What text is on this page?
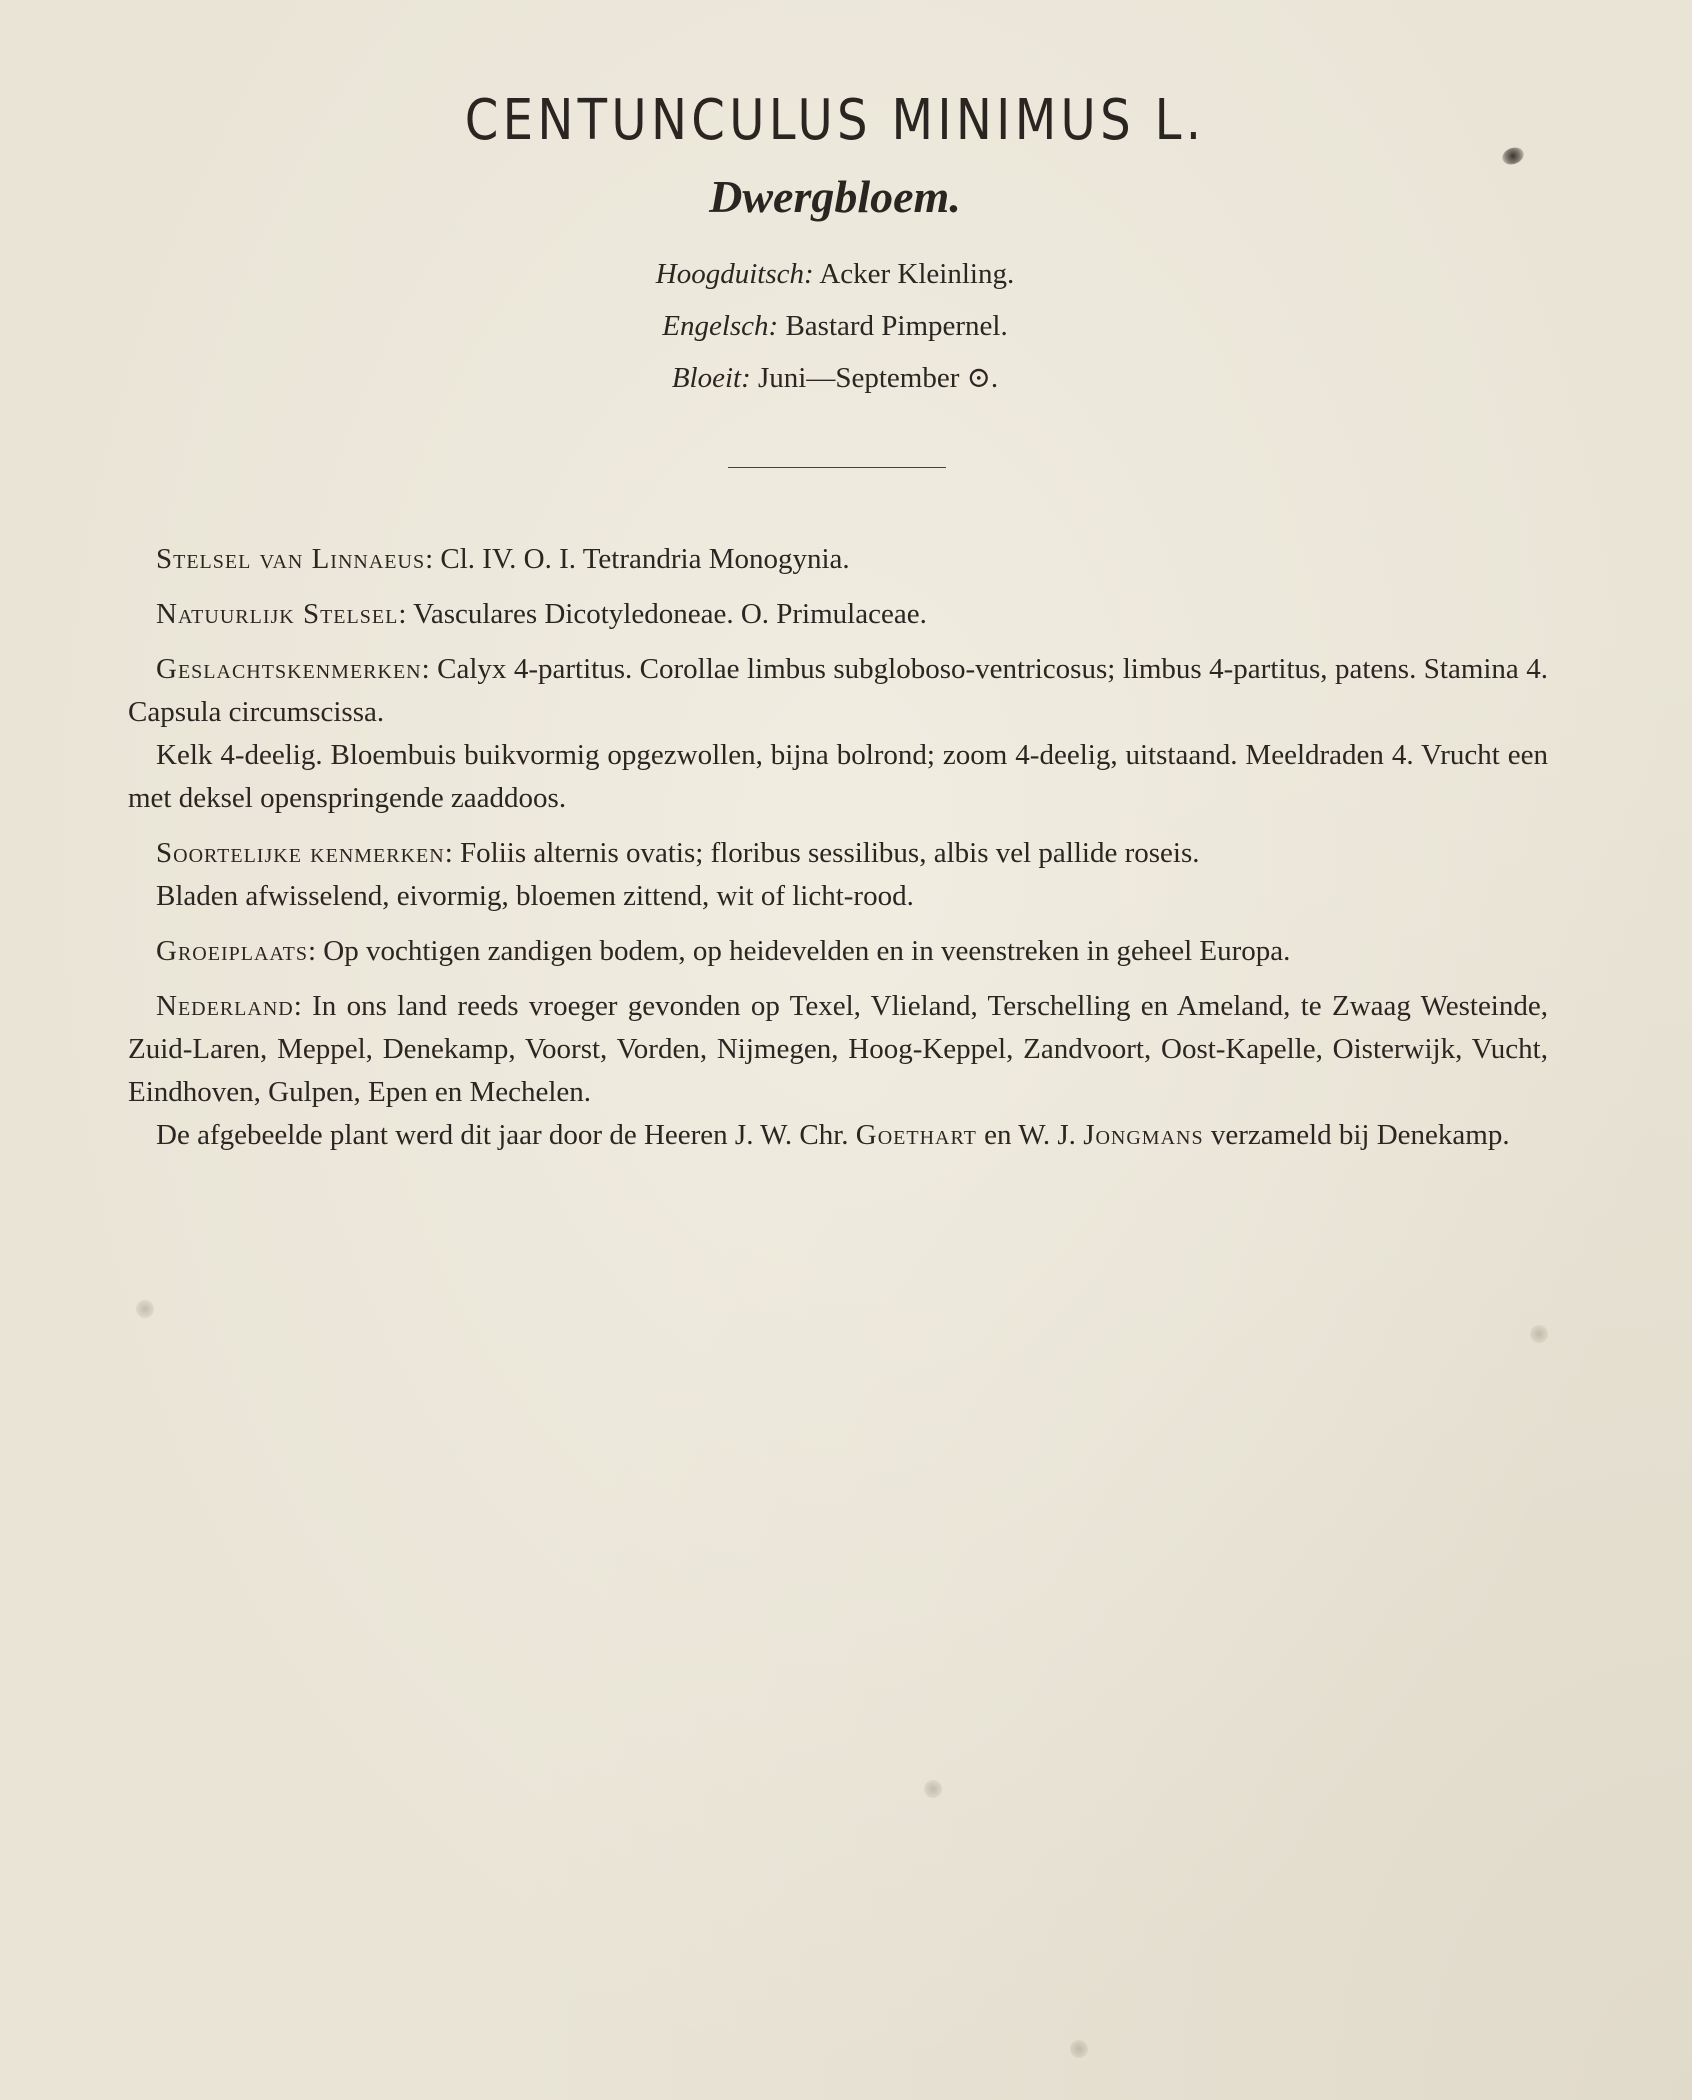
CENTUNCULUS MINIMUS L.
Dwergbloem.

Hoogduitsch: Acker Kleinling.

Engelsch: Bastard Pimpernel.

Bloeit: Juni—September ⊙.

Stelsel van Linnaeus: Cl. IV. O. I. Tetrandria Monogynia.

Natuurlijk Stelsel: Vasculares Dicotyledoneae. O. Primulaceae.

Geslachtskenmerken: Calyx 4-partitus. Corollae limbus subgloboso-ventricosus; limbus 4-partitus, patens. Stamina 4. Capsula circumscissa.

Kelk 4-deelig. Bloembuis buikvormig opgezwollen, bijna bolrond; zoom 4-deelig, uitstaand. Meeldraden 4. Vrucht een met deksel openspringende zaaddoos.

Soortelijke kenmerken: Foliis alternis ovatis; floribus sessilibus, albis vel pallide roseis.

Bladen afwisselend, eivormig, bloemen zittend, wit of licht-rood.

Groeiplaats: Op vochtigen zandigen bodem, op heidevelden en in veenstreken in geheel Europa.

Nederland: In ons land reeds vroeger gevonden op Texel, Vlieland, Terschelling en Ameland, te Zwaag Westeinde, Zuid-Laren, Meppel, Denekamp, Voorst, Vorden, Nijmegen, Hoog-Keppel, Zandvoort, Oost-Kapelle, Oisterwijk, Vucht, Eindhoven, Gulpen, Epen en Mechelen.

De afgebeelde plant werd dit jaar door de Heeren J. W. Chr. Goethart en W. J. Jongmans verzameld bij Denekamp.
